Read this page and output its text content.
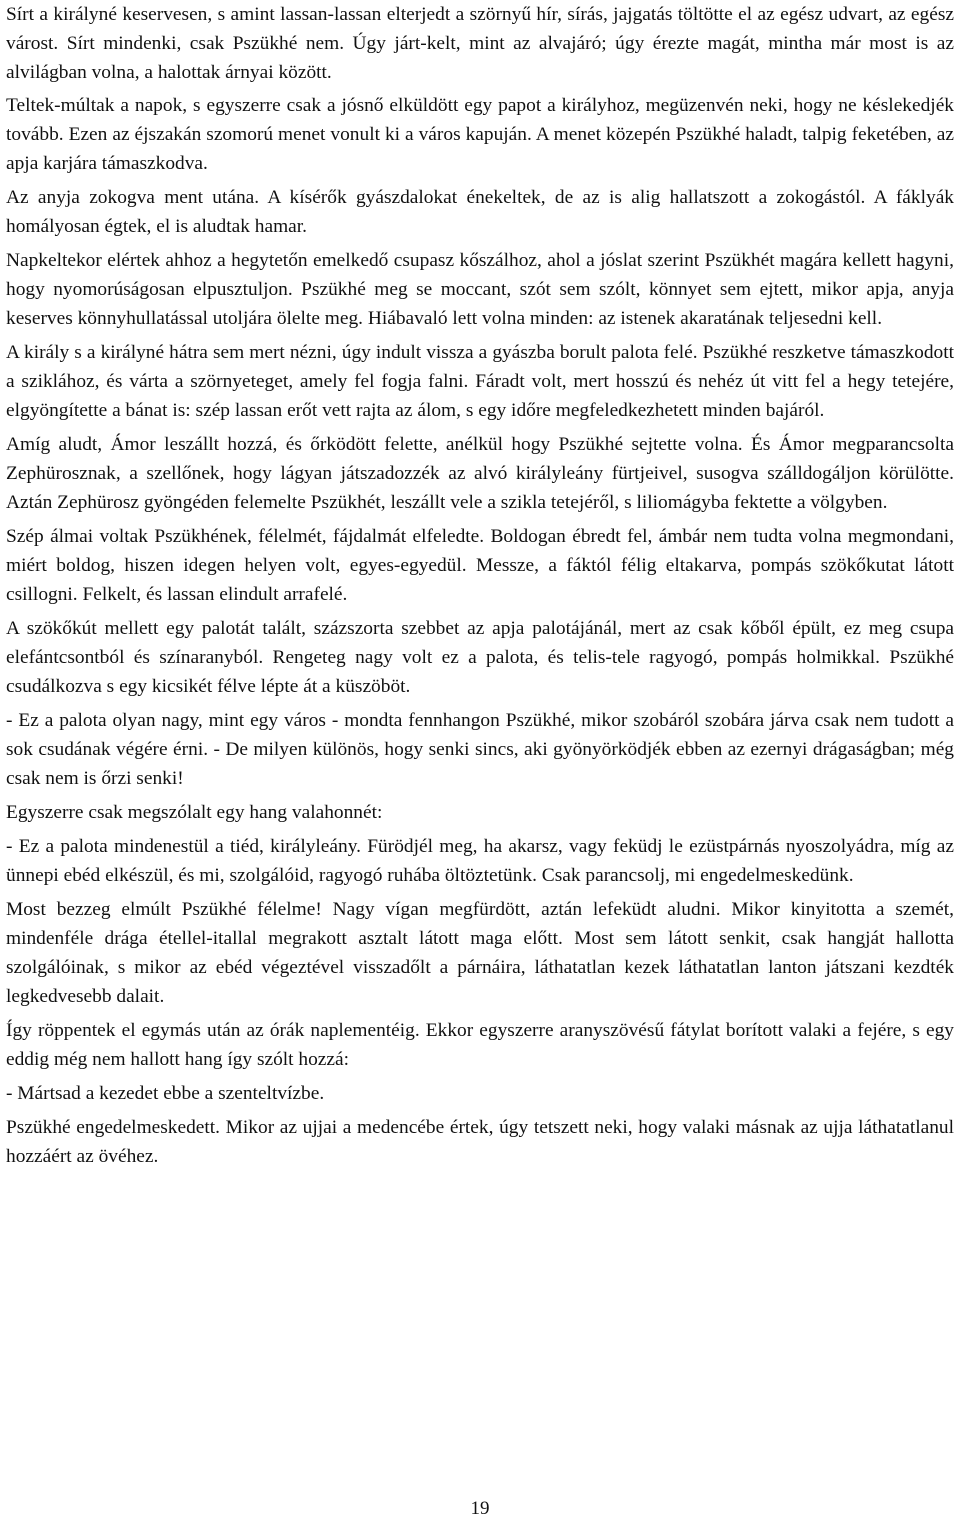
Sírt a királyné keservesen, s amint lassan-lassan elterjedt a szörnyű hír, sírás, jajgatás töltötte el az egész udvart, az egész várost. Sírt mindenki, csak Pszükhé nem. Úgy járt-kelt, mint az alvajáró; úgy érezte magát, mintha már most is az alvilágban volna, a halottak árnyai között.

Teltek-múltak a napok, s egyszerre csak a jósnő elküldött egy papot a királyhoz, megüzenvén neki, hogy ne késlekedjék tovább. Ezen az éjszakán szomorú menet vonult ki a város kapuján. A menet közepén Pszükhé haladt, talpig feketében, az apja karjára támaszkodva.

Az anyja zokogva ment utána. A kísérők gyászdalokat énekeltek, de az is alig hallatszott a zokogástól. A fáklyák homályosan égtek, el is aludtak hamar.

Napkeltekor elértek ahhoz a hegytetőn emelkedő csupasz kőszálhoz, ahol a jóslat szerint Pszükhét magára kellett hagyni, hogy nyomorúságosan elpusztuljon. Pszükhé meg se moccant, szót sem szólt, könnyet sem ejtett, mikor apja, anyja keserves könnyhullatással utoljára ölelte meg. Hiábavaló lett volna minden: az istenek akaratának teljesedni kell.

A király s a királyné hátra sem mert nézni, úgy indult vissza a gyászba borult palota felé. Pszükhé reszketve támaszkodott a sziklához, és várta a szörnyeteget, amely fel fogja falni. Fáradt volt, mert hosszú és nehéz út vitt fel a hegy tetejére, elgyöngítette a bánat is: szép lassan erőt vett rajta az álom, s egy időre megfeledkezhetett minden bajáról.

Amíg aludt, Ámor leszállt hozzá, és őrködött felette, anélkül hogy Pszükhé sejtette volna. És Ámor megparancsolta Zephürosznak, a szellőnek, hogy lágyan játszadozzék az alvó királyleány fürtjeivel, susogva szálldogáljon körülötte. Aztán Zephürosz gyöngéden felemelte Pszükhét, leszállt vele a szikla tetejéről, s liliomágyba fektette a völgyben.

Szép álmai voltak Pszükhének, félelmét, fájdalmát elfeledte. Boldogan ébredt fel, ámbár nem tudta volna megmondani, miért boldog, hiszen idegen helyen volt, egyes-egyedül. Messze, a fáktól félig eltakarva, pompás szökőkutat látott csillogni. Felkelt, és lassan elindult arrafelé.

A szökőkút mellett egy palotát talált, százszorta szebbet az apja palotájánál, mert az csak kőből épült, ez meg csupa elefántcsontból és színaranyból. Rengeteg nagy volt ez a palota, és telis-tele ragyogó, pompás holmikkal. Pszükhé csudálkozva s egy kicsikét félve lépte át a küszöböt.

- Ez a palota olyan nagy, mint egy város - mondta fennhangon Pszükhé, mikor szobáról szobára járva csak nem tudott a sok csudának végére érni. - De milyen különös, hogy senki sincs, aki gyönyörködjék ebben az ezernyi drágaságban; még csak nem is őrzi senki!

Egyszerre csak megszólalt egy hang valahonnét:

- Ez a palota mindenestül a tiéd, királyleány. Fürödjél meg, ha akarsz, vagy feküdj le ezüstpárnás nyoszolyádra, míg az ünnepi ebéd elkészül, és mi, szolgálóid, ragyogó ruhába öltöztetünk. Csak parancsolj, mi engedelmeskedünk.

Most bezzeg elmúlt Pszükhé félelme! Nagy vígan megfürdött, aztán lefeküdt aludni. Mikor kinyitotta a szemét, mindenféle drága étellel-itallal megrakott asztalt látott maga előtt. Most sem látott senkit, csak hangját hallotta szolgálóinak, s mikor az ebéd végeztével visszadőlt a párnáira, láthatatlan kezek láthatatlan lanton játszani kezdték legkedvesebb dalait.

Így röppentek el egymás után az órák naplementéig. Ekkor egyszerre aranyszövésű fátylat borított valaki a fejére, s egy eddig még nem hallott hang így szólt hozzá:

- Mártsad a kezedet ebbe a szenteltvízbe.

Pszükhé engedelmeskedett. Mikor az ujjai a medencébe értek, úgy tetszett neki, hogy valaki másnak az ujja láthatatlanul hozzáért az övéhez.

19
